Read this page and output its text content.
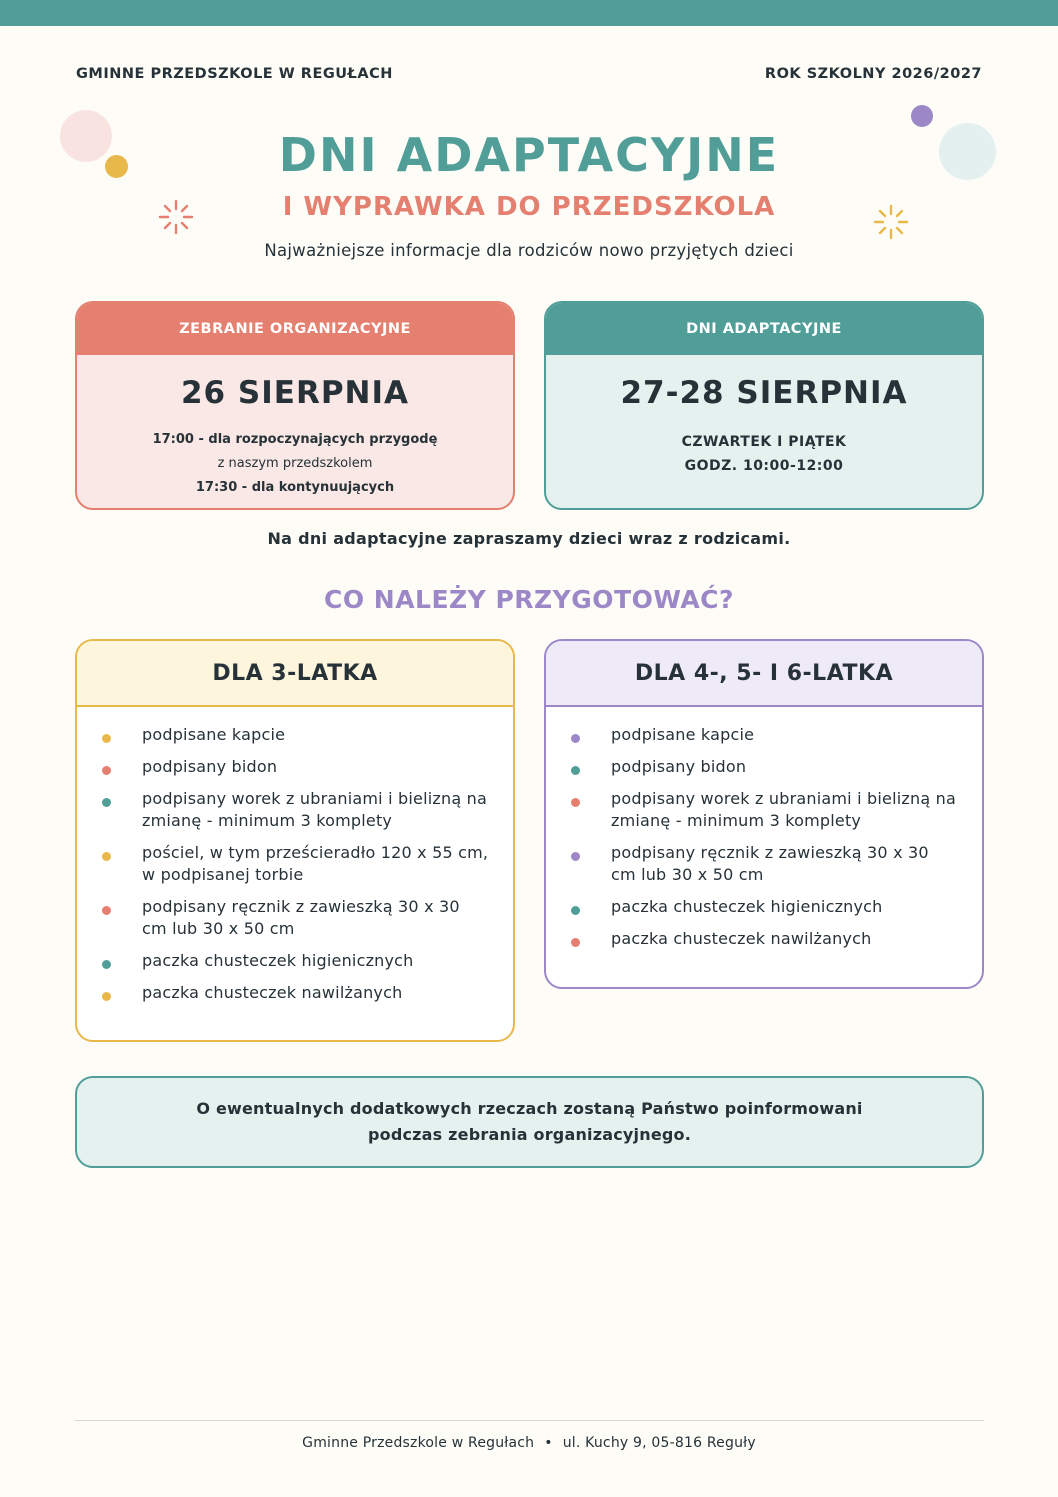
GMINNE PRZEDSZKOLE W REGUŁACH	ROK SZKOLNY 2026/2027
DNI ADAPTACYJNE
I WYPRAWKA DO PRZEDSZKOLA
Najważniejsze informacje dla rodziców nowo przyjętych dzieci
ZEBRANIE ORGANIZACYJNE
26 SIERPNIA
17:00 - dla rozpoczynających przygodę
z naszym przedszkolem
17:30 - dla kontynuujących
DNI ADAPTACYJNE
27-28 SIERPNIA
CZWARTEK I PIĄTEK
GODZ. 10:00-12:00
Na dni adaptacyjne zapraszamy dzieci wraz z rodzicami.
CO NALEŻY PRZYGOTOWAĆ?
DLA 3-LATKA
podpisane kapcie
podpisany bidon
podpisany worek z ubraniami i bielizną na zmianę - minimum 3 komplety
pościel, w tym prześcieradło 120 x 55 cm, w podpisanej torbie
podpisany ręcznik z zawieszką 30 x 30 cm lub 30 x 50 cm
paczka chusteczek higienicznych
paczka chusteczek nawilżanych
DLA 4-, 5- I 6-LATKA
podpisane kapcie
podpisany bidon
podpisany worek z ubraniami i bielizną na zmianę - minimum 3 komplety
podpisany ręcznik z zawieszką 30 x 30 cm lub 30 x 50 cm
paczka chusteczek higienicznych
paczka chusteczek nawilżanych
O ewentualnych dodatkowych rzeczach zostaną Państwo poinformowani
podczas zebrania organizacyjnego.
Gminne Przedszkole w Regułach • ul. Kuchy 9, 05-816 Reguły
